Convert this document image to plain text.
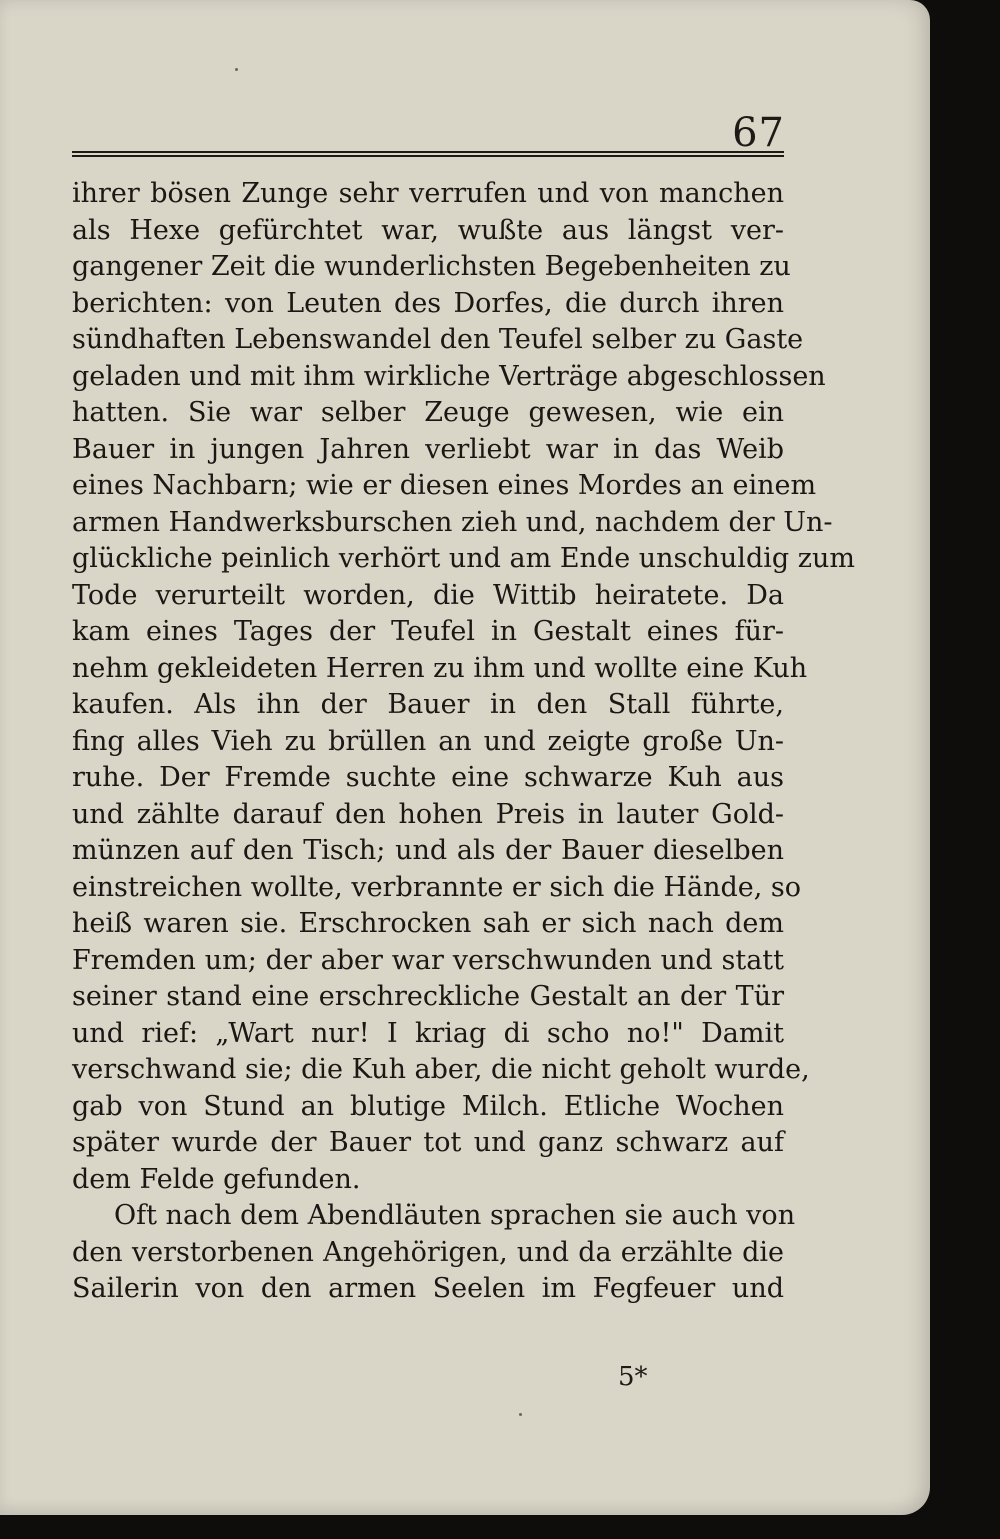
67
ihrer bösen Zunge sehr verrufen und von manchen
als Hexe gefürchtet war, wußte aus längst ver-
gangener Zeit die wunderlichsten Begebenheiten zu
berichten: von Leuten des Dorfes, die durch ihren
sündhaften Lebenswandel den Teufel selber zu Gaste
geladen und mit ihm wirkliche Verträge abgeschlossen
hatten. Sie war selber Zeuge gewesen, wie ein
Bauer in jungen Jahren verliebt war in das Weib
eines Nachbarn; wie er diesen eines Mordes an einem
armen Handwerksburschen zieh und, nachdem der Un-
glückliche peinlich verhört und am Ende unschuldig zum
Tode verurteilt worden, die Wittib heiratete. Da
kam eines Tages der Teufel in Gestalt eines für-
nehm gekleideten Herren zu ihm und wollte eine Kuh
kaufen. Als ihn der Bauer in den Stall führte,
fing alles Vieh zu brüllen an und zeigte große Un-
ruhe. Der Fremde suchte eine schwarze Kuh aus
und zählte darauf den hohen Preis in lauter Gold-
münzen auf den Tisch; und als der Bauer dieselben
einstreichen wollte, verbrannte er sich die Hände, so
heiß waren sie. Erschrocken sah er sich nach dem
Fremden um; der aber war verschwunden und statt
seiner stand eine erschreckliche Gestalt an der Tür
und rief: „Wart nur! I kriag di scho no!" Damit
verschwand sie; die Kuh aber, die nicht geholt wurde,
gab von Stund an blutige Milch. Etliche Wochen
später wurde der Bauer tot und ganz schwarz auf
dem Felde gefunden.
Oft nach dem Abendläuten sprachen sie auch von
den verstorbenen Angehörigen, und da erzählte die
Sailerin von den armen Seelen im Fegfeuer und
5*
